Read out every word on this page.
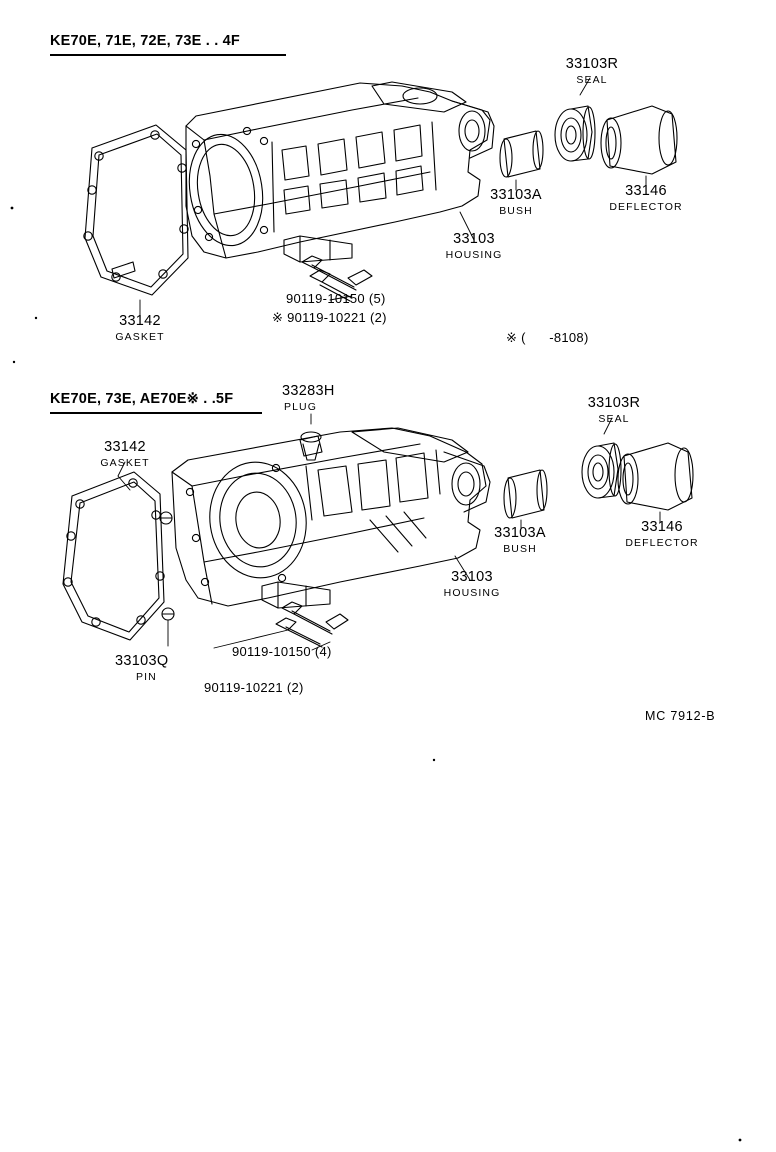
KE70E, 71E, 72E, 73E . . 4F
33142
GASKET
33103
HOUSING
33103A
BUSH
33103R
SEAL
33146
DEFLECTOR
90119-10150 (5)
※ 90119-10221 (2)
※ (      ‑8108)
KE70E, 73E, AE70E※ . .5F
33142
GASKET
33283H
PLUG
33103
HOUSING
33103A
BUSH
33103R
SEAL
33146
DEFLECTOR
33103Q
PIN
90119-10150 (4)
90119-10221 (2)
MC 7912-B
